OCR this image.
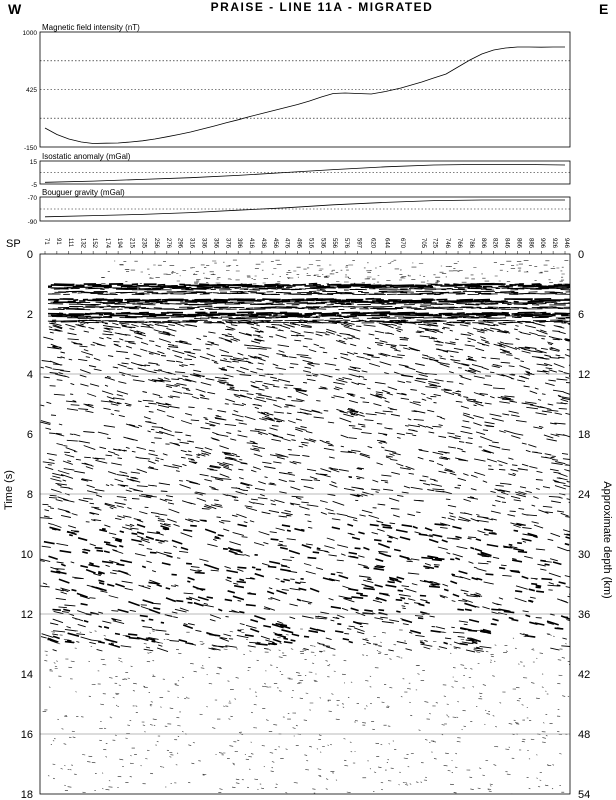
W	PRAISE - LINE 11A - MIGRATED	E
Magnetic field intensity (nT)
1000
425
-150
Isostatic anomaly (mGal)
15
-5
Bouguer gravity (mGal)
-70
-90
SP	71 91 111 132 152 174 194 215 235 256 276 296 316 336 356 376 396 416 436 456 476 496 516 536 556 576 597 620 644 670 705 725 746 766 786 806 826 846 866 886 906 926 946
0
2
4
6
8
10
12
14
16
18
0
6
12
18
24
30
36
42
48
54
Time (s)	Approximate depth (km)
